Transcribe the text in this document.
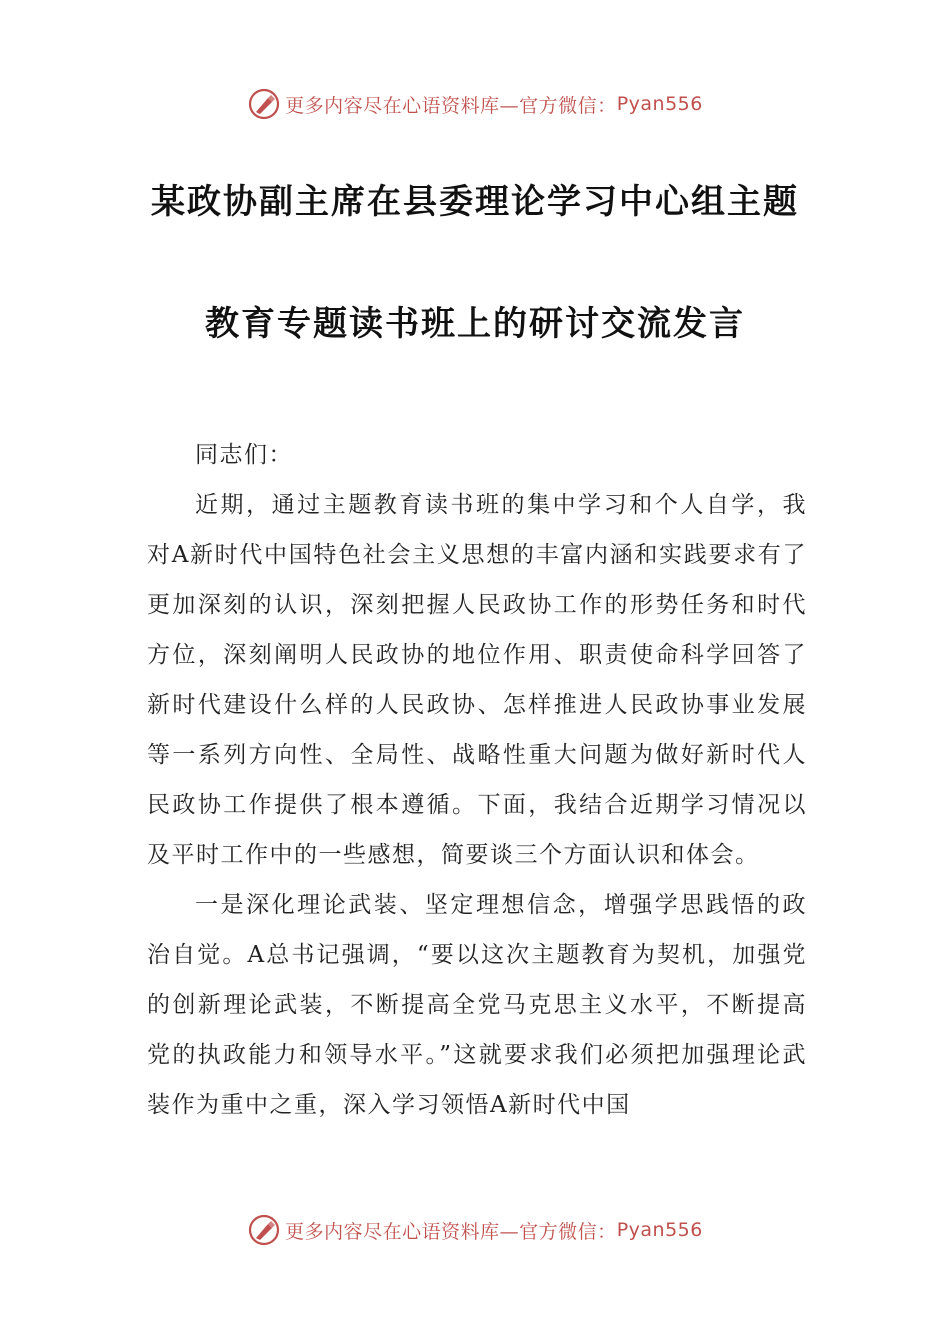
更多内容尽在心语资料库— 官方微信： Pyan556
某政协副主席在县委理论学习中心组主题
教育专题读书班上的研讨交流发言

同志们：

近期，通过主题教育读书班的集中学习和个人自学，我对A新时代中国特色社会主义思想的丰富内涵和实践要求有了更加深刻的认识，深刻把握人民政协工作的形势任务和时代方位，深刻阐明人民政协的地位作用、职责使命科学回答了新时代建设什么样的人民政协、怎样推进人民政协事业发展等一系列方向性、全局性、战略性重大问题为做好新时代人民政协工作提供了根本遵循。下面，我结合近期学习情况以及平时工作中的一些感想，简要谈三个方面认识和体会。

一是深化理论武装、坚定理想信念，增强学思践悟的政治自觉。A总书记强调，“要以这次主题教育为契机，加强党的创新理论武装，不断提高全党马克思主义水平，不断提高党的执政能力和领导水平。”这就要求我们必须把加强理论武装作为重中之重，深入学习领悟A新时代中国

更多内容尽在心语资料库— 官方微信： Pyan556
